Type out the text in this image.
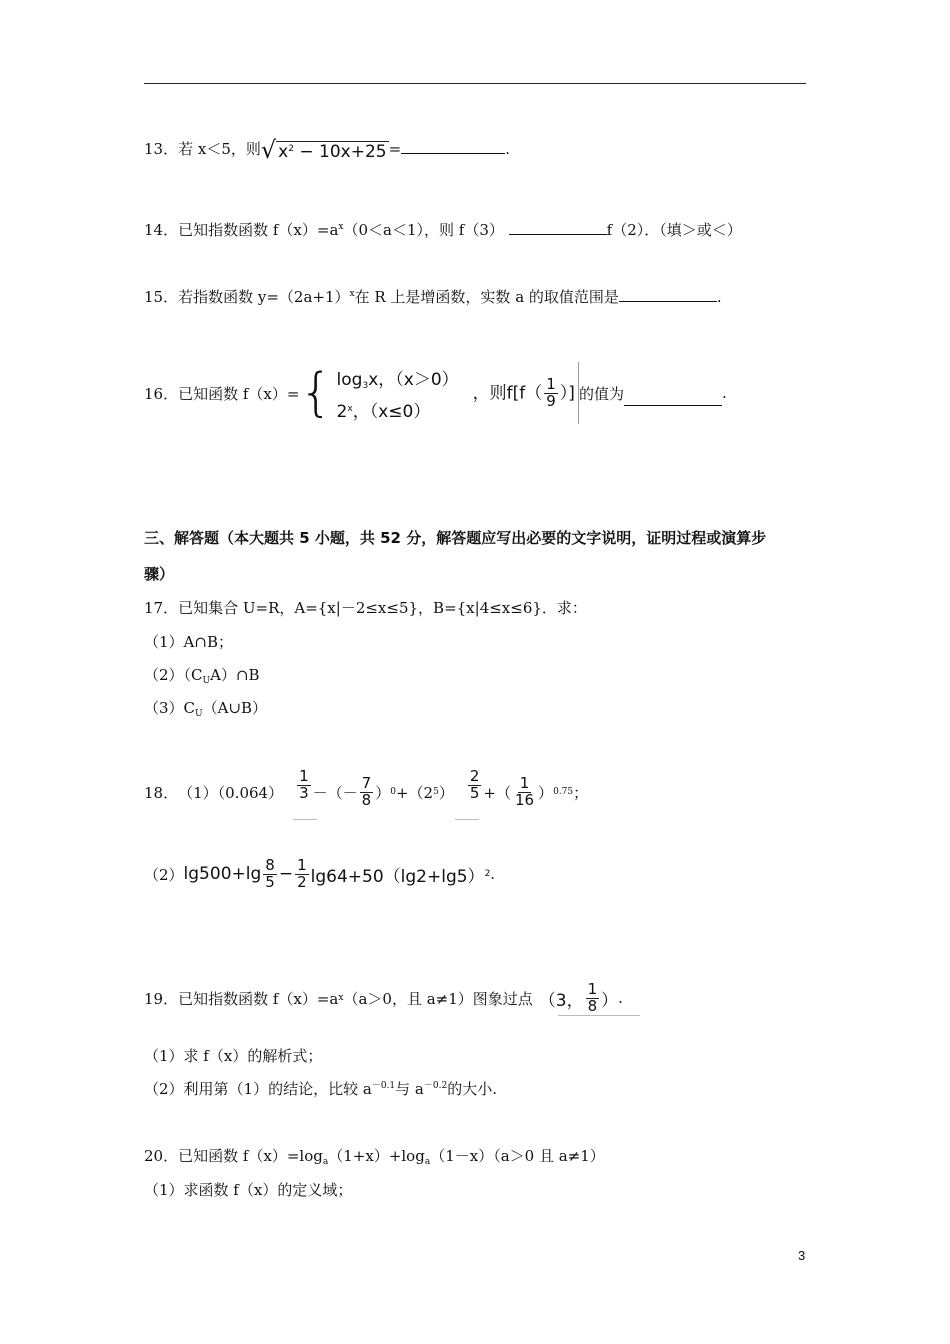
13．若 x＜5，则 √ $x^2 - 10x+25$ =	.
14．已知指数函数 $f(x)=a^x(0<a<1)$，则 f（3）	f（2）．（填＞或＜）
15．若指数函数 $y=(2a+1)^x$在 R 上是增函数，实数 a 的取值范围是	.
16． 已知函数 f（x）= { $\log_3x$，（x＞0）
2$^x$，（x≤0）
，则$f[f( \frac{1}{9}$ ）] 的值为	.
三、解答题（本大题共 5 小题，共 52 分，解答题应写出必要的文字说明，证明过程或演算步
骤）
17．已知集合 U=R，A={x|－2≤x≤5}，B={x|4≤x≤6}．求：
（1）A∩B；
$(2)(C_UA)\cap B$
$(3)C_U(A\cup B)$
18． $(1)(0.064) \frac{1}{3}$ －（－ $\frac{7}{8}$ ） 0 +（2 5 ） $\frac{2}{5}$ +（ $\frac{1}{16}$ ） 0.75 ；
（2） $\lg 500+\lg \frac{8}{5} - \frac{1}{2} \lg 64+50(\lg 2+\lg 5)$ 2 .
19．已知指数函数 f（x）=a x （a＞0，且 a≠1）图象过点 （3， $\frac{1}{8}$ ） .
（1）求 f（x）的解析式；
（2）利用第（1）的结论，比较 $a^{-0.1}$与 $a^{-0.2}$的大小.
20．已知函数 $f(x)=\log_a(1+x)+\log_a(1-x)(a>0$ 且 a≠1）
（1）求函数 f（x）的定义域；
3
